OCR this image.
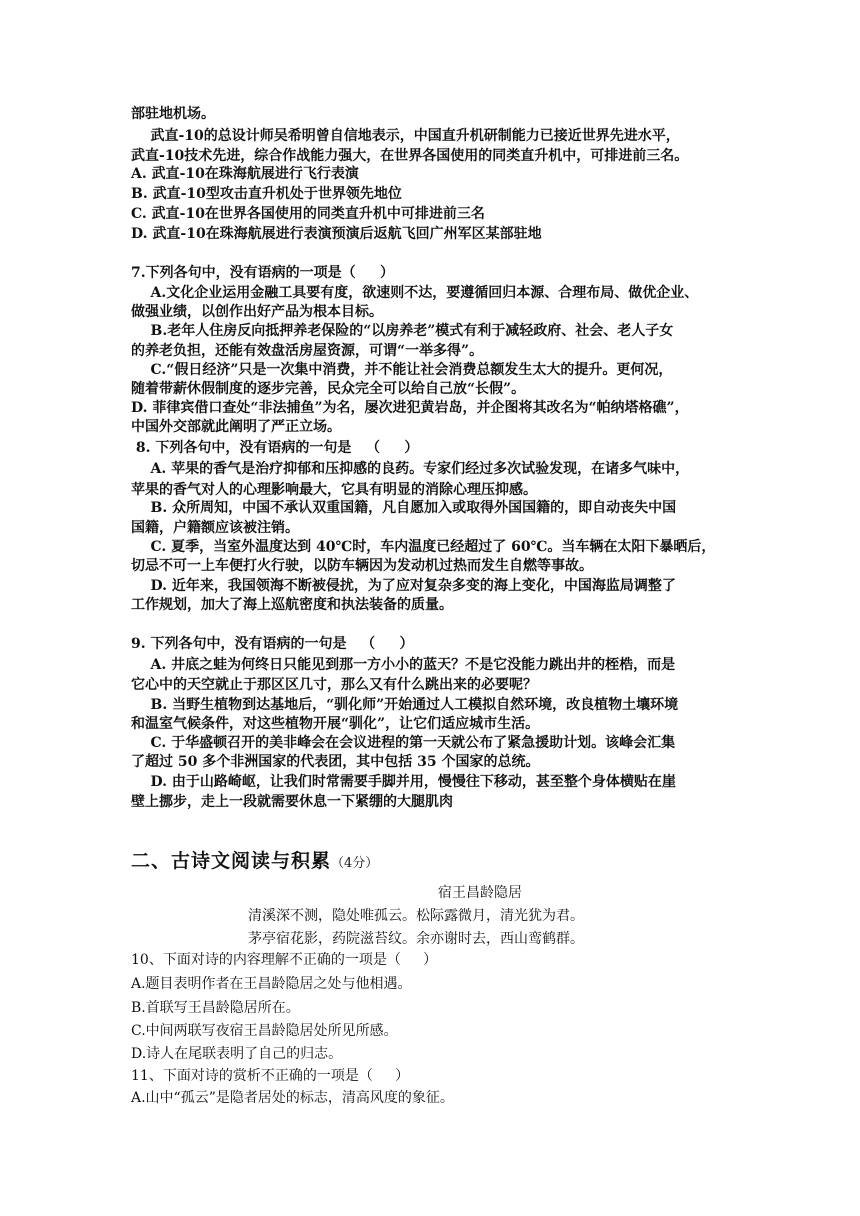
部驻地机场。
武直-10的总设计师吴希明曾自信地表示，中国直升机研制能力已接近世界先进水平，
武直-10技术先进，综合作战能力强大，在世界各国使用的同类直升机中，可排进前三名。
A. 武直-10在珠海航展进行飞行表演
B. 武直-10型攻击直升机处于世界领先地位
C. 武直-10在世界各国使用的同类直升机中可排进前三名
D. 武直-10在珠海航展进行表演预演后返航飞回广州军区某部驻地
7.下列各句中，没有语病的一项是（     ）
A.文化企业运用金融工具要有度，欲速则不达，要遵循回归本源、合理布局、做优企业、
做强业绩，以创作出好产品为根本目标。
B.老年人住房反向抵押养老保险的“以房养老”模式有利于减轻政府、社会、老人子女
的养老负担，还能有效盘活房屋资源，可谓“一举多得”。
C.“假日经济”只是一次集中消费，并不能让社会消费总额发生太大的提升。更何况，
随着带薪休假制度的逐步完善，民众完全可以给自己放“长假”。
D. 菲律宾借口查处“非法捕鱼”为名，屡次进犯黄岩岛，并企图将其改名为“帕纳塔格礁”，
中国外交部就此阐明了严正立场。
8. 下列各句中，没有语病的一句是   （     ）
A. 苹果的香气是治疗抑郁和压抑感的良药。专家们经过多次试验发现，在诸多气味中，
苹果的香气对人的心理影响最大，它具有明显的消除心理压抑感。
B. 众所周知，中国不承认双重国籍，凡自愿加入或取得外国国籍的，即自动丧失中国
国籍，户籍额应该被注销。
C. 夏季，当室外温度达到 40℃时，车内温度已经超过了 60℃。当车辆在太阳下暴晒后，
切忌不可一上车便打火行驶，以防车辆因为发动机过热而发生自燃等事故。
D. 近年来，我国领海不断被侵扰，为了应对复杂多变的海上变化，中国海监局调整了
工作规划，加大了海上巡航密度和执法装备的质量。
9. 下列各句中，没有语病的一句是   （     ）
A. 井底之蛙为何终日只能见到那一方小小的蓝天？不是它没能力跳出井的桎梏，而是
它心中的天空就止于那区区几寸，那么又有什么跳出来的必要呢？
B. 当野生植物到达基地后，“驯化师”开始通过人工模拟自然环境，改良植物土壤环境
和温室气候条件，对这些植物开展“驯化”，让它们适应城市生活。
C. 于华盛顿召开的美非峰会在会议进程的第一天就公布了紧急援助计划。该峰会汇集
了超过 50 多个非洲国家的代表团，其中包括 35 个国家的总统。
D. 由于山路崎岖，让我们时常需要手脚并用，慢慢往下移动，甚至整个身体横贴在崖
壁上挪步，走上一段就需要休息一下紧绷的大腿肌肉
二、古诗文阅读与积累（4分）
宿王昌龄隐居
清溪深不测，隐处唯孤云。松际露微月，清光犹为君。
茅亭宿花影，药院滋苔纹。余亦谢时去，西山鸾鹤群。
10、下面对诗的内容理解不正确的一项是（     ）
A.题目表明作者在王昌龄隐居之处与他相遇。
B.首联写王昌龄隐居所在。
C.中间两联写夜宿王昌龄隐居处所见所感。
D.诗人在尾联表明了自己的归志。
11、下面对诗的赏析不正确的一项是（     ）
A.山中“孤云”是隐者居处的标志，清高风度的象征。
